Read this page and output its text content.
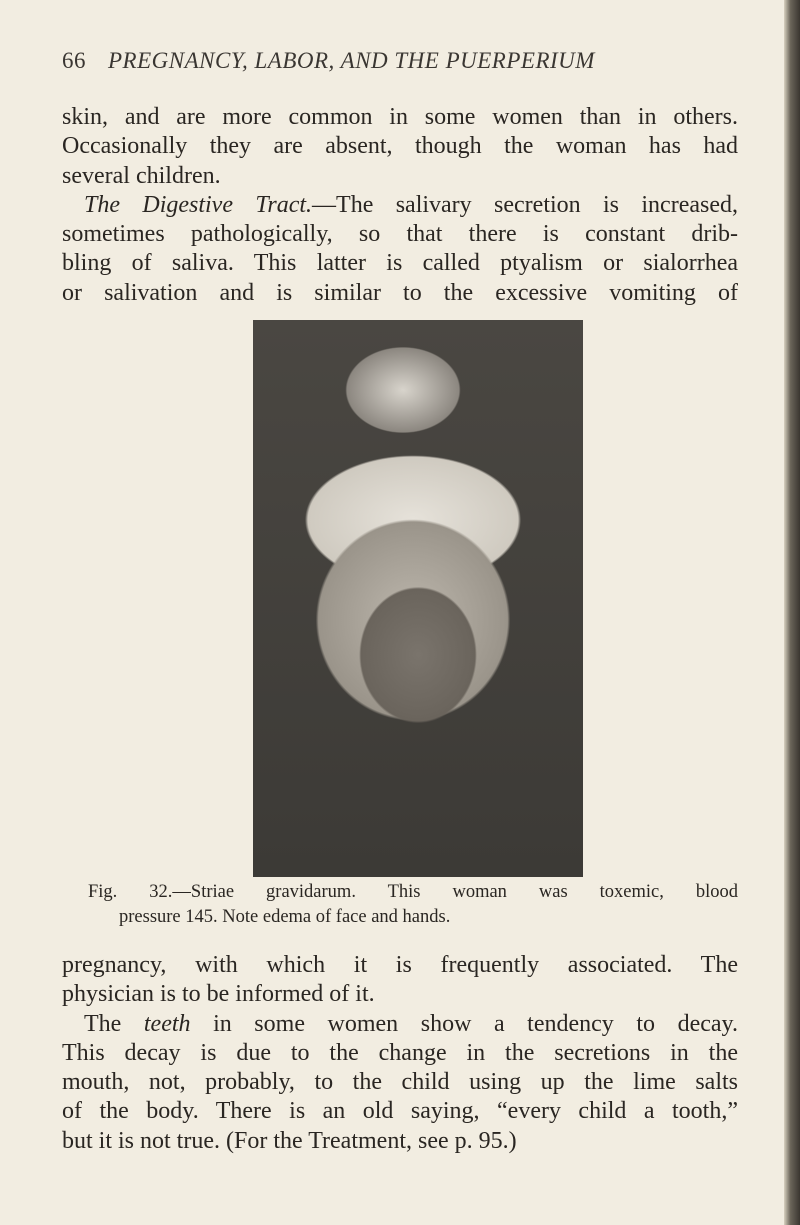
66 PREGNANCY, LABOR, AND THE PUERPERIUM
skin, and are more common in some women than in others.
Occasionally they are absent, though the woman has had
several children.
The Digestive Tract.—The salivary secretion is increased,
sometimes pathologically, so that there is constant drib-
bling of saliva. This latter is called ptyalism or sialorrhea
or salivation and is similar to the excessive vomiting of
Fig. 32.—Striae gravidarum. This woman was toxemic, blood
pressure 145. Note edema of face and hands.
pregnancy, with which it is frequently associated. The
physician is to be informed of it.
The teeth in some women show a tendency to decay.
This decay is due to the change in the secretions in the
mouth, not, probably, to the child using up the lime salts
of the body. There is an old saying, “every child a tooth,”
but it is not true. (For the Treatment, see p. 95.)
